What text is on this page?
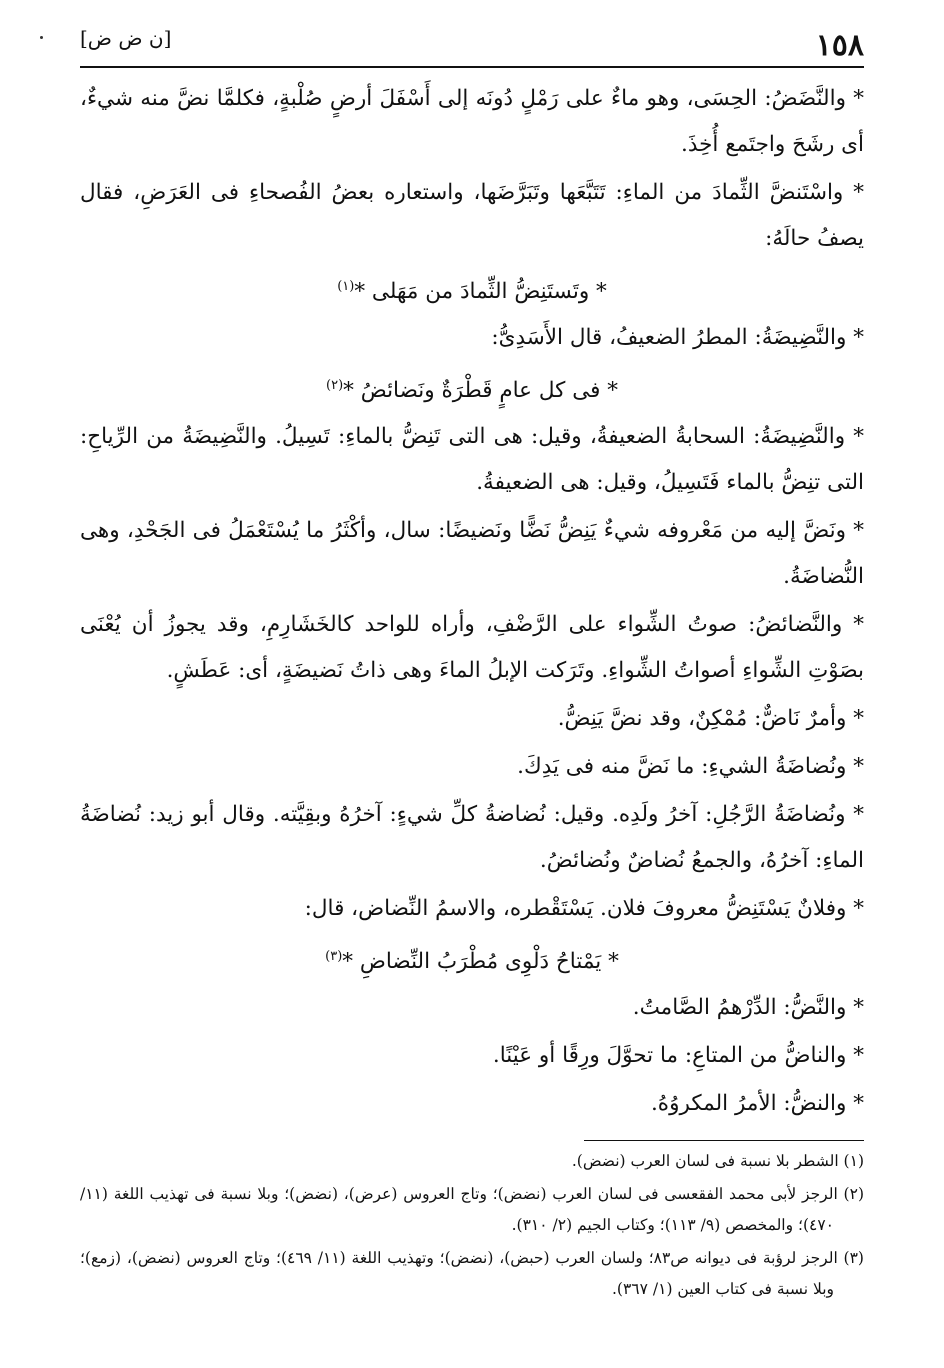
١٥٨
[ن ض ض]

* والنَّضَضُ: الحِسَى، وهو ماءٌ على رَمْلٍ دُونَه إلى أَسْفَلَ أرضٍ صُلْبةٍ، فكلمَّا نضَّ منه شيءٌ، أى رشَحَ واجتَمع أُخِذَ.

* واسْتَنضَّ الثِّمادَ من الماءِ: تَتَبَّعَها وتَبَرَّضَها، واستعاره بعضُ الفُصحاءِ فى العَرَضِ، فقال يصفُ حالَهُ:

* وتَستَنِضُّ الثِّمادَ من مَهَلى *$^{(١)}$

* والنَّضِيضَةُ: المطرُ الضعيفُ، قال الأَسَدِىُّ:

* فى كل عامٍ قَطْرَةٌ ونَضائضُ *$^{(٢)}$

* والنَّضِيضَةُ: السحابةُ الضعيفةُ، وقيل: هى التى تَنِضُّ بالماءِ: تَسِيلُ. والنَّضِيضَةُ من الرِّياحِ: التى تنِضُّ بالماء فَتَسِيلُ، وقيل: هى الضعيفةُ.

* ونَضَّ إليه من مَعْروفه شيءٌ يَنِضُّ نَضًّا ونَضيضًا: سال، وأكْثَرُ ما يُسْتَعْمَلُ فى الجَحْدِ، وهى النُّضاضَةُ.

* والنَّضائضُ: صوتُ الشِّواء على الرَّضْفِ، وأراه للواحد كالخَشَارِمِ، وقد يجوزُ أن يُعْنَى بصَوْتِ الشِّواءِ أصواتُ الشِّواءِ. وتَرَكت الإبلُ الماءَ وهى ذاتُ نَضيضَةٍ، أى: عَطَشٍ.

* وأمرٌ نَاضٌّ: مُمْكِنٌ، وقد نضَّ يَنِضُّ.

* ونُضاضَةُ الشيءِ: ما نَضَّ منه فى يَدِكَ.

* ونُضاضَةُ الرَّجُلِ: آخرُ ولَدِه. وقيل: نُضاضةُ كلِّ شيءٍ: آخرُهُ وبقِيَّته. وقال أبو زيد: نُضاضَةُ الماءِ: آخرُهُ، والجمعُ نُضاضٌ ونُضائضُ.

* وفلانٌ يَسْتَنِضُّ معروفَ فلان. يَسْتَقْطره، والاسمُ النِّضاض، قال:

* يَمْتاحُ دَلْوِى مُطْرَبُ النِّضاضِ *$^{(٣)}$

* والنَّضُّ: الدِّرْهمُ الصَّامتُ.

* والناضُّ من المتاعِ: ما تحوَّلَ ورِقًا أو عَيْنًا.

* والنضُّ: الأمرُ المكروُهُ.

(١) الشطر بلا نسبة فى لسان العرب (نضض).

(٢) الرجز لأبى محمد الفقعسى فى لسان العرب (نضض)؛ وتاج العروس (عرض)، (نضض)؛ وبلا نسبة فى تهذيب اللغة (١١/ ٤٧٠)؛ والمخصص (٩/ ١١٣)؛ وكتاب الجيم (٢/ ٣١٠).

(٣) الرجز لرؤبة فى ديوانه ص٨٣؛ ولسان العرب (حبض)، (نضض)؛ وتهذيب اللغة (١١/ ٤٦٩)؛ وتاج العروس (نضض)، (زمع)؛ وبلا نسبة فى كتاب العين (١/ ٣٦٧).
